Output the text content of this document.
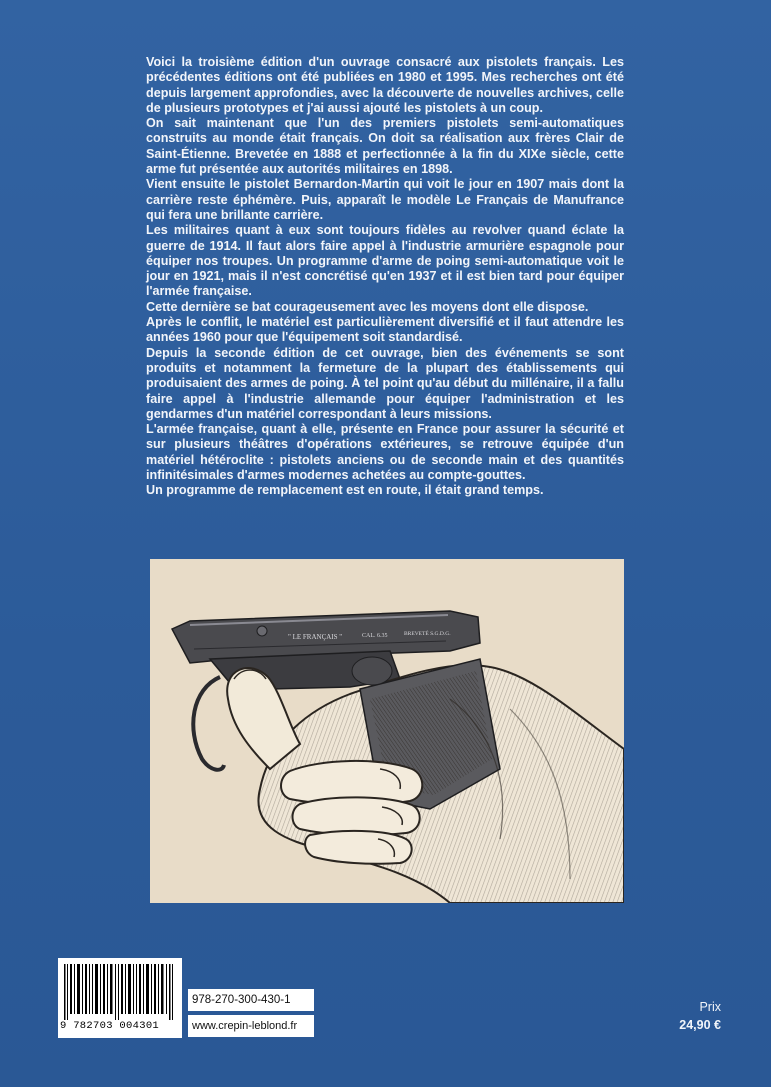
Voici la troisième édition d'un ouvrage consacré aux pistolets français. Les précédentes éditions ont été publiées en 1980 et 1995. Mes recherches ont été depuis largement approfondies, avec la découverte de nouvelles archives, celle de plusieurs prototypes et j'ai aussi ajouté les pistolets à un coup.

On sait maintenant que l'un des premiers pistolets semi-automatiques construits au monde était français. On doit sa réalisation aux frères Clair de Saint-Étienne. Brevetée en 1888 et perfectionnée à la fin du XIXe siècle, cette arme fut présentée aux autorités militaires en 1898.

Vient ensuite le pistolet Bernardon-Martin qui voit le jour en 1907 mais dont la carrière reste éphémère. Puis, apparaît le modèle Le Français de Manufrance qui fera une brillante carrière.

Les militaires quant à eux sont toujours fidèles au revolver quand éclate la guerre de 1914. Il faut alors faire appel à l'industrie armurière espagnole pour équiper nos troupes. Un programme d'arme de poing semi-automatique voit le jour en 1921, mais il n'est concrétisé qu'en 1937 et il est bien tard pour équiper l'armée française.

Cette dernière se bat courageusement avec les moyens dont elle dispose.

Après le conflit, le matériel est particulièrement diversifié et il faut attendre les années 1960 pour que l'équipement soit standardisé.

Depuis la seconde édition de cet ouvrage, bien des événements se sont produits et notamment la fermeture de la plupart des établissements qui produisaient des armes de poing. À tel point qu'au début du millénaire, il a fallu faire appel à l'industrie allemande pour équiper l'administration et les gendarmes d'un matériel correspondant à leurs missions.

L'armée française, quant à elle, présente en France pour assurer la sécurité et sur plusieurs théâtres d'opérations extérieures, se retrouve équipée d'un matériel hétéroclite : pistolets anciens ou de seconde main et des quantités infinitésimales d'armes modernes achetées au compte-gouttes.

Un programme de remplacement est en route, il était grand temps.

" LE FRANÇAIS "	CAL. 6.35	BREVETÉ S.G.D.G.
9 782703 004301
978-270-300-430-1
www.crepin-leblond.fr
Prix
24,90 €
